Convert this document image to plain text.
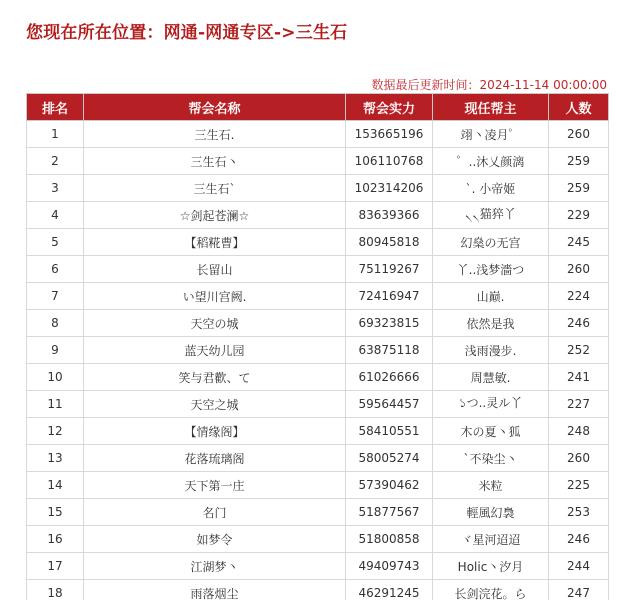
您现在所在位置：网通-网通专区->三生石
数据最后更新时间：2024-11-14 00:00:00
排名	帮会名称	帮会实力	现任帮主	人数
1	三生石.	153665196	翊丶凌月゜	260
2	三生石丶	106110768	゜..沐乂颜漓	259
3	三生石`	102314206	`. 小帝姬	259
4	☆剑起苍澜☆	83639366	৲৲猫猝丫	229
5	【稻糀曹】	80945818	幻燊の无宫	245
6	长留山	75119267	丫..浅梦濇つ	260
7	い望川宫阙.	72416947	山巅.	224
8	天空の城	69323815	依然是我	246
9	蓝天幼儿园	63875118	浅雨漫步.	252
10	笑与君歡、て	61026666	周慧敏.	241
11	天空之城	59564457	১つ..灵ル丫	227
12	【情缘阁】	58410551	木の夏丶狐	248
13	花落琉璃阁	58005274	`不染尘丶	260
14	天下第一庄	57390462	米粒	225
15	名门	51877567	輕風幻裊	253
16	如梦令	51800858	ヾ星河迢迢	246
17	江湖梦丶	49409743	Holic丶汐月	244
18	雨落烟尘	46291245	长剑浣花。ら	247
